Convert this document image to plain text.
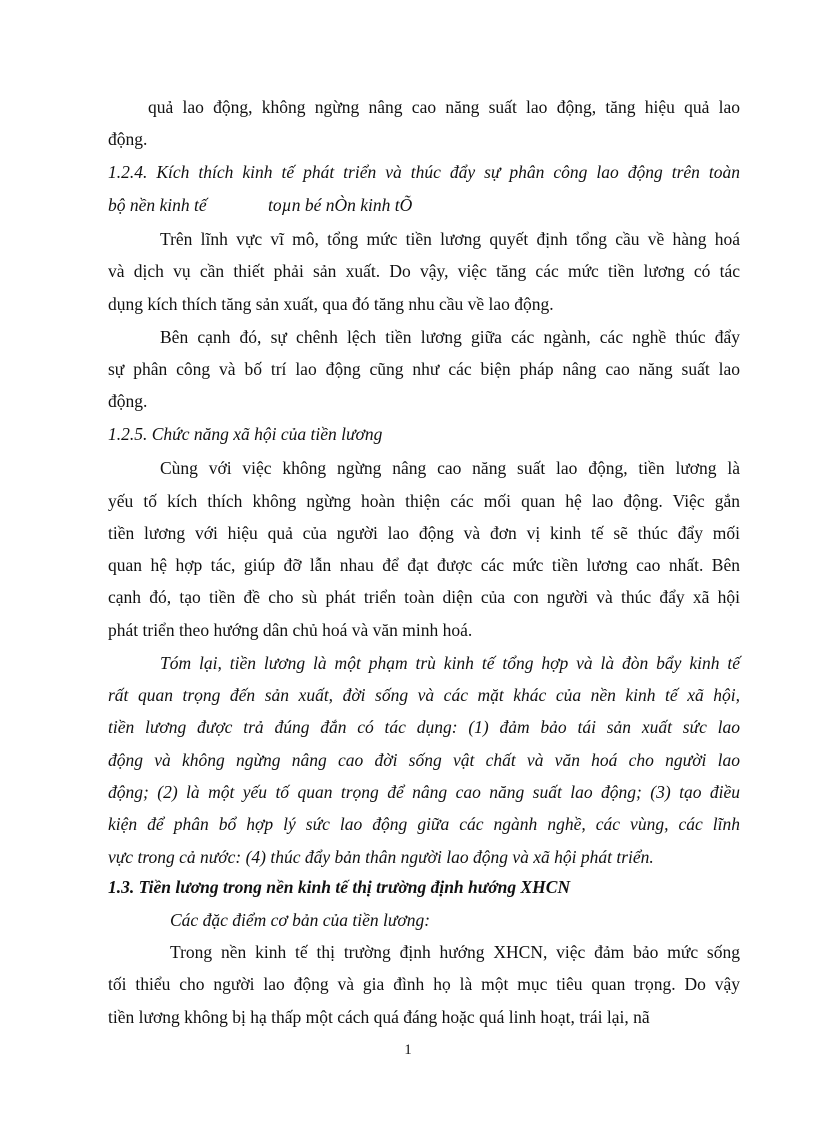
quả lao động, không ngừng nâng cao năng suất lao động, tăng hiệu quả lao
động.
1.2.4. Kích thích kinh tế phát triển và thúc đẩy sự phân công lao động trên toàn
bộ nền kinh tế	toµn bé nÒn kinh tÕ
Trên lĩnh vực vĩ mô, tổng mức tiền lương quyết định tổng cầu về hàng hoá
và dịch vụ cần thiết phải sản xuất. Do vậy, việc tăng các mức tiền lương có tác
dụng kích thích tăng sản xuất, qua đó tăng nhu cầu về lao động.
Bên cạnh đó, sự chênh lệch tiền lương giữa các ngành, các nghề thúc đẩy
sự phân công và bố trí lao động cũng như các biện pháp nâng cao năng suất lao
động.
1.2.5. Chức năng xã hội của tiền lương
Cùng với việc không ngừng nâng cao năng suất lao động, tiền lương là
yếu tố kích thích không ngừng hoàn thiện các mối quan hệ lao động. Việc gắn
tiền lương với hiệu quả của người lao động và đơn vị kinh tế sẽ thúc đẩy mối
quan hệ hợp tác, giúp đỡ lẫn nhau để đạt được các mức tiền lương cao nhất. Bên
cạnh đó, tạo tiền đề cho sù phát triển toàn diện của con người và thúc đẩy xã hội
phát triển theo hướng dân chủ hoá và văn minh hoá.
Tóm lại, tiền lương là một phạm trù kinh tế tổng hợp và là đòn bẩy kinh tế
rất quan trọng đến sản xuất, đời sống và các mặt khác của nền kinh tế xã hội,
tiền lương được trả đúng đắn có tác dụng: (1) đảm bảo tái sản xuất sức lao
động và không ngừng nâng cao đời sống vật chất và văn hoá cho người lao
động; (2) là một yếu tố quan trọng để nâng cao năng suất lao động; (3) tạo điều
kiện để phân bổ hợp lý sức lao động giữa các ngành nghề, các vùng, các lĩnh
vực trong cả nước: (4) thúc đẩy bản thân người lao động và xã hội phát triển.
1.3. Tiền lương trong nền kinh tế thị trường định hướng XHCN
Các đặc điểm cơ bản của tiền lương:
Trong nền kinh tế thị trường định hướng XHCN, việc đảm bảo mức sống
tối thiểu cho người lao động và gia đình họ là một mục tiêu quan trọng. Do vậy
tiền lương không bị hạ thấp một cách quá đáng hoặc quá linh hoạt, trái lại, nã
1
